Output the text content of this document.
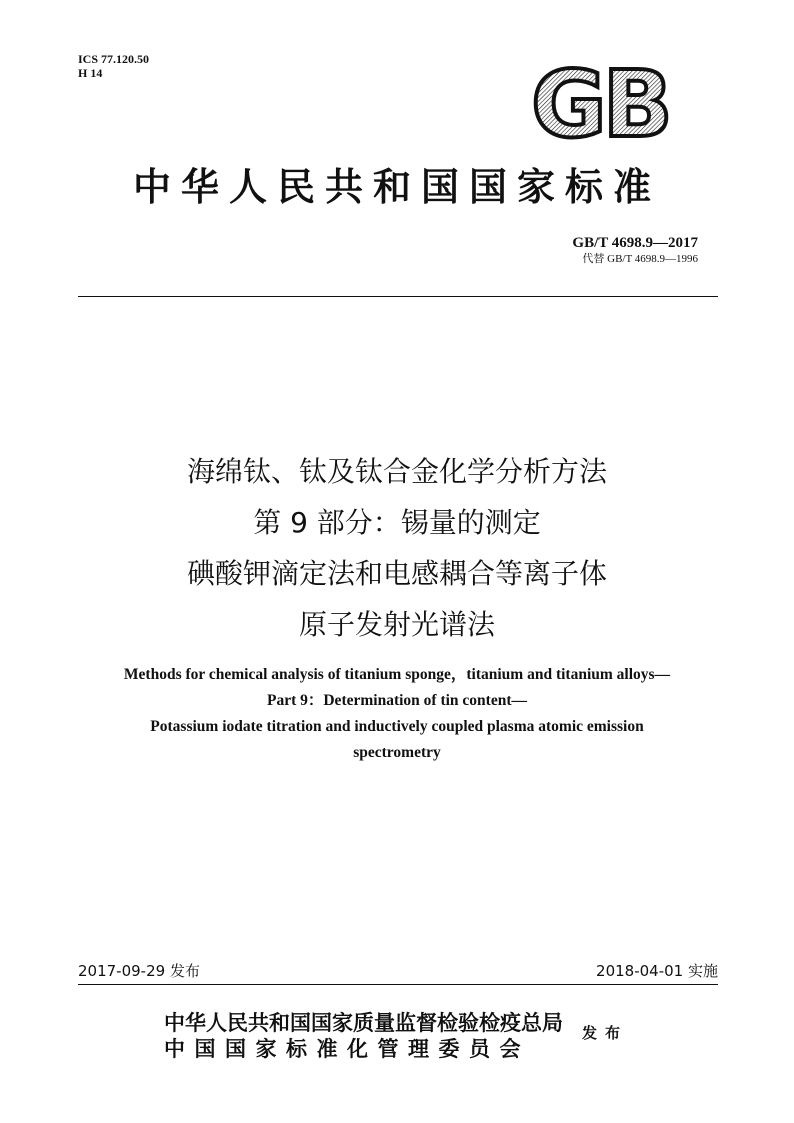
ICS 77.120.50
H 14	GB
中华人民共和国国家标准
GB/T 4698.9—2017
代替 GB/T 4698.9—1996
海绵钛、钛及钛合金化学分析方法
第 9 部分：锡量的测定
碘酸钾滴定法和电感耦合等离子体
原子发射光谱法
Methods for chemical analysis of titanium sponge，titanium and titanium alloys—
Part 9：Determination of tin content—
Potassium iodate titration and inductively coupled plasma atomic emission
spectrometry
2017-09-29 发布	2018-04-01 实施
中华人民共和国国家质量监督检验检疫总局
中国国家标准化管理委员会
发布
